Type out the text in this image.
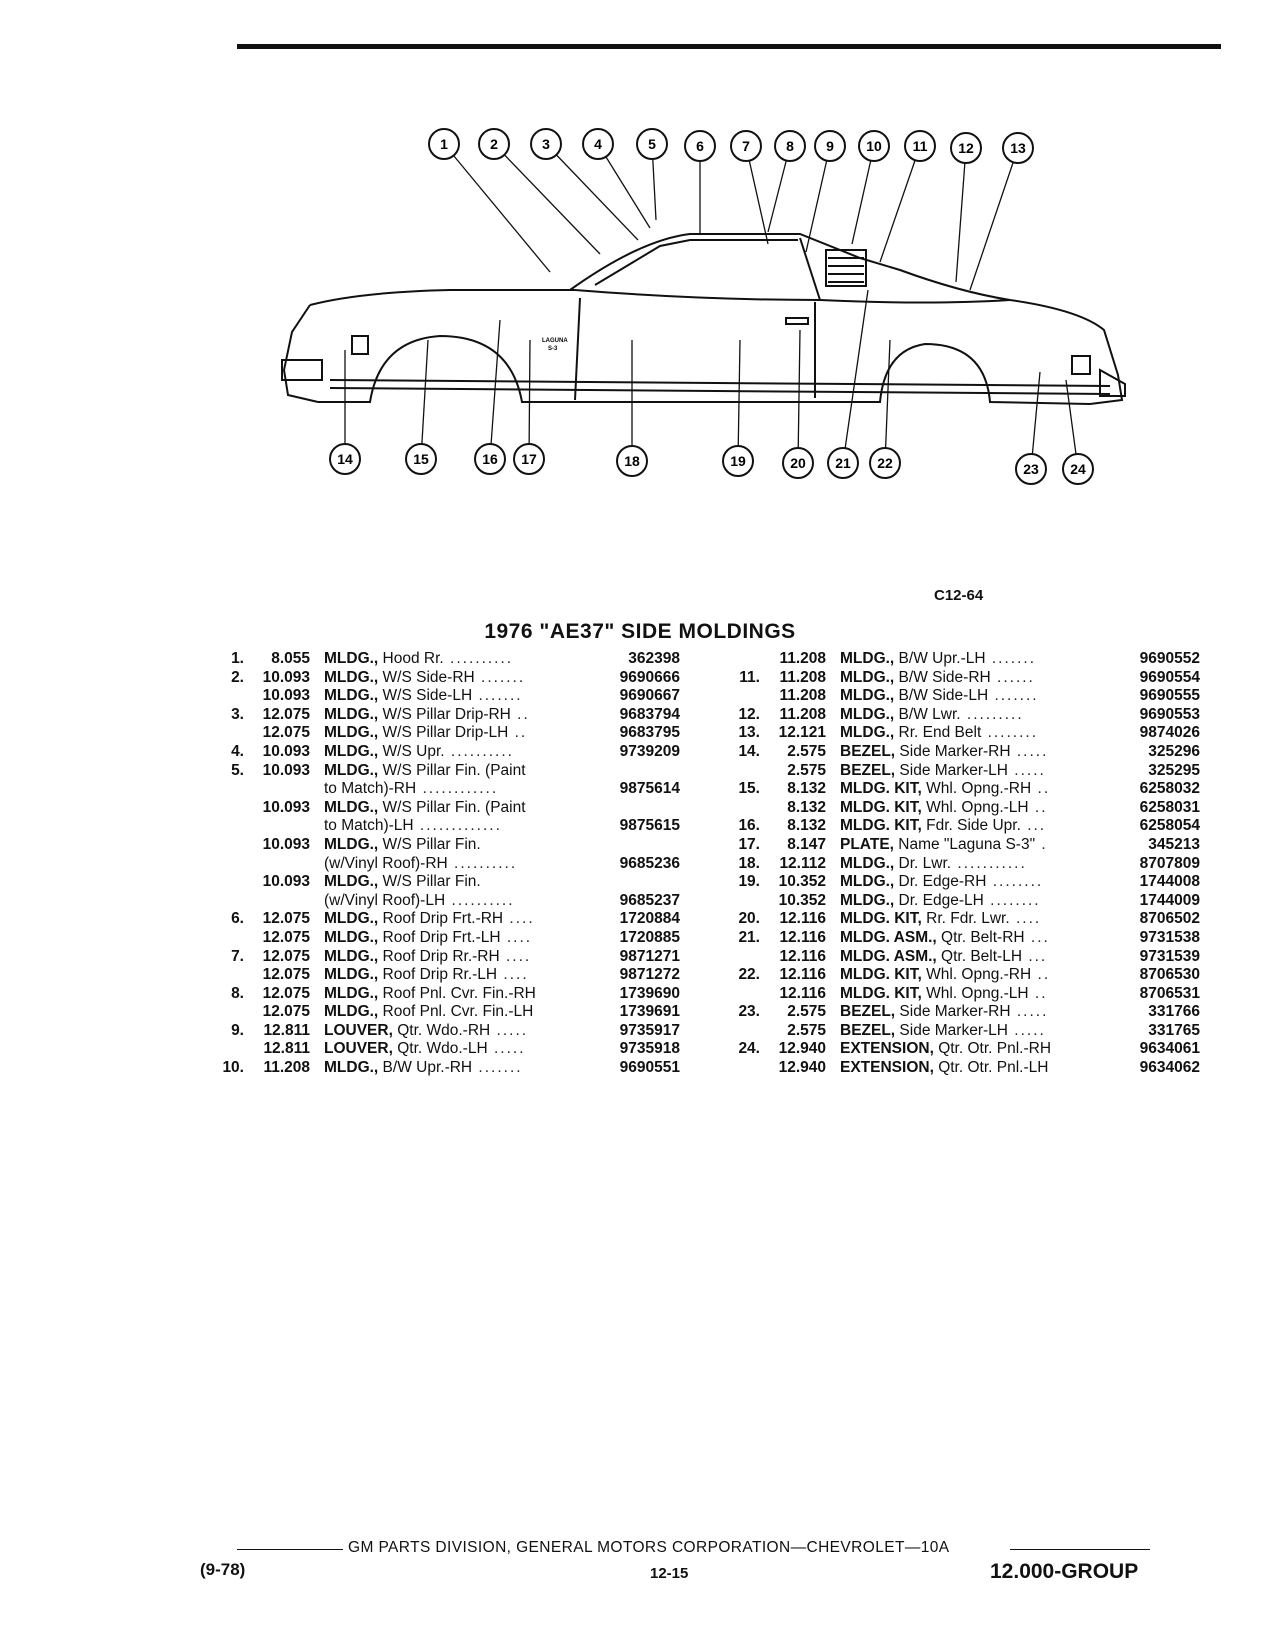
LAGUNA
S-3
1	2	3	4	5	6	7	8 9 10 11 12	13
14	15	16 17	18	19	20 21 22	23 24
C12-64
1976 "AE37" SIDE MOLDINGS
1.	8.055 MLDG., Hood Rr. ..........	362398
2.	10.093 MLDG., W/S Side-RH .......	9690666
10.093 MLDG., W/S Side-LH .......	9690667
3.	12.075 MLDG., W/S Pillar Drip-RH ..	9683794
12.075 MLDG., W/S Pillar Drip-LH ..	9683795
4.	10.093 MLDG., W/S Upr. ..........	9739209
5.	10.093 MLDG., W/S Pillar Fin. (Paint
to Match)-RH ............	9875614
10.093 MLDG., W/S Pillar Fin. (Paint
to Match)-LH .............	9875615
10.093 MLDG., W/S Pillar Fin.
(w/Vinyl Roof)-RH ..........	9685236
10.093 MLDG., W/S Pillar Fin.
(w/Vinyl Roof)-LH ..........	9685237
6.	12.075 MLDG., Roof Drip Frt.-RH ....	1720884
12.075 MLDG., Roof Drip Frt.-LH ....	1720885
7.	12.075 MLDG., Roof Drip Rr.-RH ....	9871271
12.075 MLDG., Roof Drip Rr.-LH ....	9871272
8.	12.075 MLDG., Roof Pnl. Cvr. Fin.-RH	1739690
12.075 MLDG., Roof Pnl. Cvr. Fin.-LH	1739691
9.	12.811 LOUVER, Qtr. Wdo.-RH .....	9735917
12.811 LOUVER, Qtr. Wdo.-LH .....	9735918
10.	11.208 MLDG., B/W Upr.-RH .......	9690551
11.208 MLDG., B/W Upr.-LH .......	9690552
11.	11.208 MLDG., B/W Side-RH ......	9690554
11.208 MLDG., B/W Side-LH .......	9690555
12.	11.208 MLDG., B/W Lwr. .........	9690553
13.	12.121 MLDG., Rr. End Belt ........	9874026
14.	2.575 BEZEL, Side Marker-RH .....	325296
2.575 BEZEL, Side Marker-LH .....	325295
15.	8.132 MLDG. KIT, Whl. Opng.-RH ..	6258032
8.132 MLDG. KIT, Whl. Opng.-LH ..	6258031
16.	8.132 MLDG. KIT, Fdr. Side Upr. ...	6258054
17.	8.147 PLATE, Name "Laguna S-3" .	345213
18.	12.112 MLDG., Dr. Lwr. ...........	8707809
19.	10.352 MLDG., Dr. Edge-RH ........	1744008
10.352 MLDG., Dr. Edge-LH ........	1744009
20.	12.116 MLDG. KIT, Rr. Fdr. Lwr. ....	8706502
21.	12.116 MLDG. ASM., Qtr. Belt-RH ...	9731538
12.116 MLDG. ASM., Qtr. Belt-LH ...	9731539
22.	12.116 MLDG. KIT, Whl. Opng.-RH ..	8706530
12.116 MLDG. KIT, Whl. Opng.-LH ..	8706531
23.	2.575 BEZEL, Side Marker-RH .....	331766
2.575 BEZEL, Side Marker-LH .....	331765
24.	12.940 EXTENSION, Qtr. Otr. Pnl.-RH	9634061
12.940 EXTENSION, Qtr. Otr. Pnl.-LH	9634062
GM PARTS DIVISION, GENERAL MOTORS CORPORATION—CHEVROLET—10A
(9-78)	12-15	12.000-GROUP
